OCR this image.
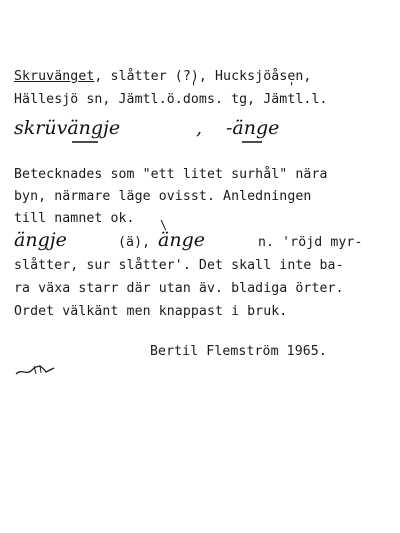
Skruvänget, slåtter (?), Hucksjöåsen,
Hällesjö sn, Jämtl.ö.doms. tg, Jämtl.l.
'	'
skrüvängje	, -änge
Betecknades som "ett litet surhål" nära
byn, närmare läge ovisst. Anledningen
till namnet ok. \
ängje	(ä), änge	n. 'röjd myr-
slåtter, sur slåtter'. Det skall inte ba-
ra växa starr där utan äv. bladiga örter.
Ordet välkänt men knappast i bruk.
Bertil Flemström 1965.
